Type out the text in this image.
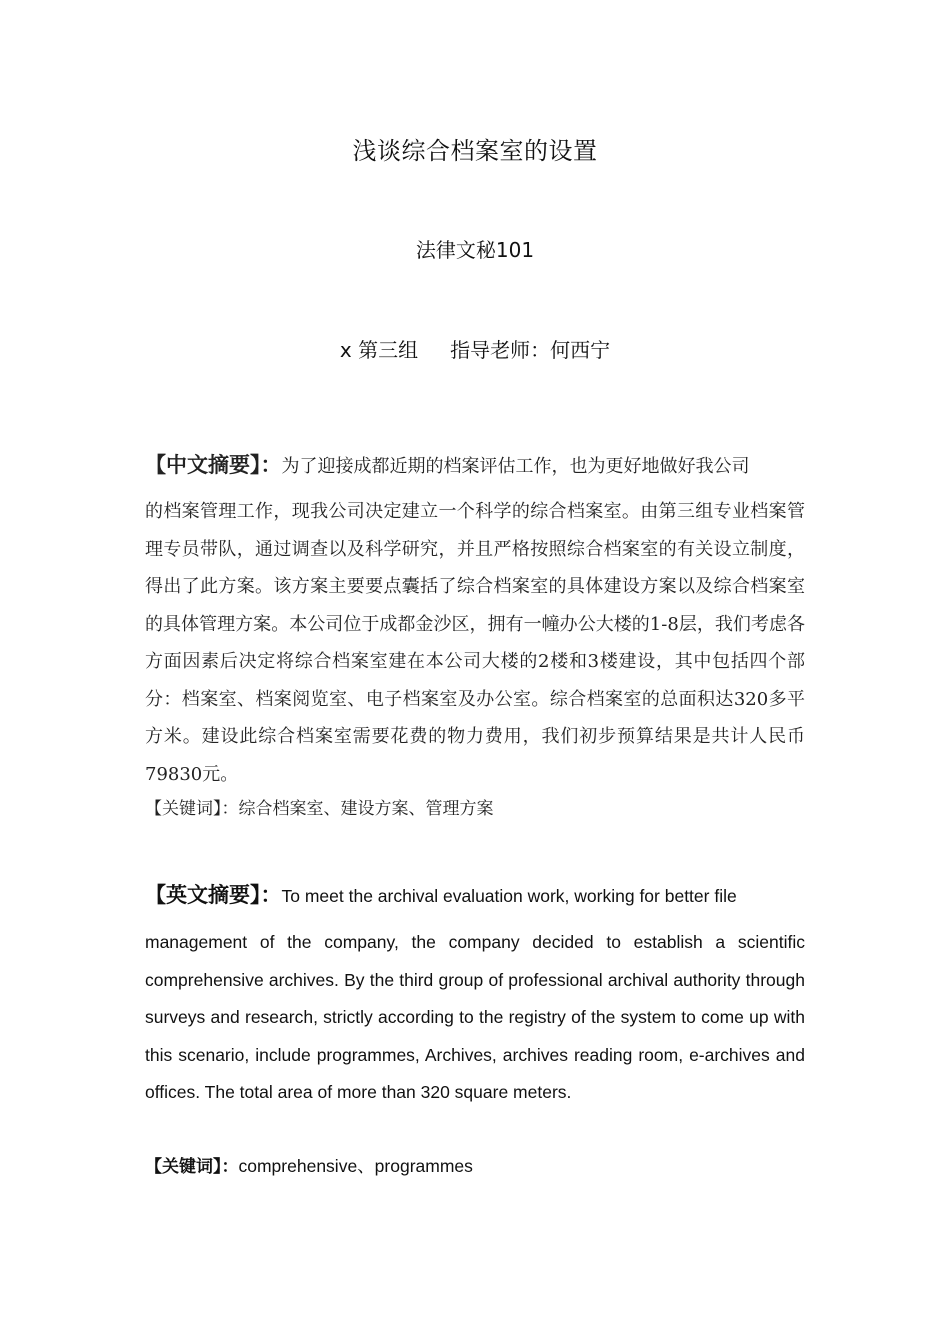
浅谈综合档案室的设置
法律文秘101
x 第三组 指导老师：何西宁
【中文摘要】：为了迎接成都近期的档案评估工作，也为更好地做好我公司
的档案管理工作，现我公司决定建立一个科学的综合档案室。由第三组专业档案管理专员带队，通过调查以及科学研究，并且严格按照综合档案室的有关设立制度，得出了此方案。该方案主要要点囊括了综合档案室的具体建设方案以及综合档案室的具体管理方案。本公司位于成都金沙区，拥有一幢办公大楼的1-8层，我们考虑各方面因素后决定将综合档案室建在本公司大楼的2楼和3楼建设，其中包括四个部分：档案室、档案阅览室、电子档案室及办公室。综合档案室的总面积达320多平方米。建设此综合档案室需要花费的物力费用，我们初步预算结果是共计人民币79830元。
【关键词】：综合档案室、建设方案、管理方案
【英文摘要】：To meet the archival evaluation work, working for better file
management of the company, the company decided to establish a scientific comprehensive archives. By the third group of professional archival authority through surveys and research, strictly according to the registry of the system to come up with this scenario, include programmes, Archives, archives reading room, e-archives and offices. The total area of more than 320 square meters.
【关键词】：comprehensive、programmes
